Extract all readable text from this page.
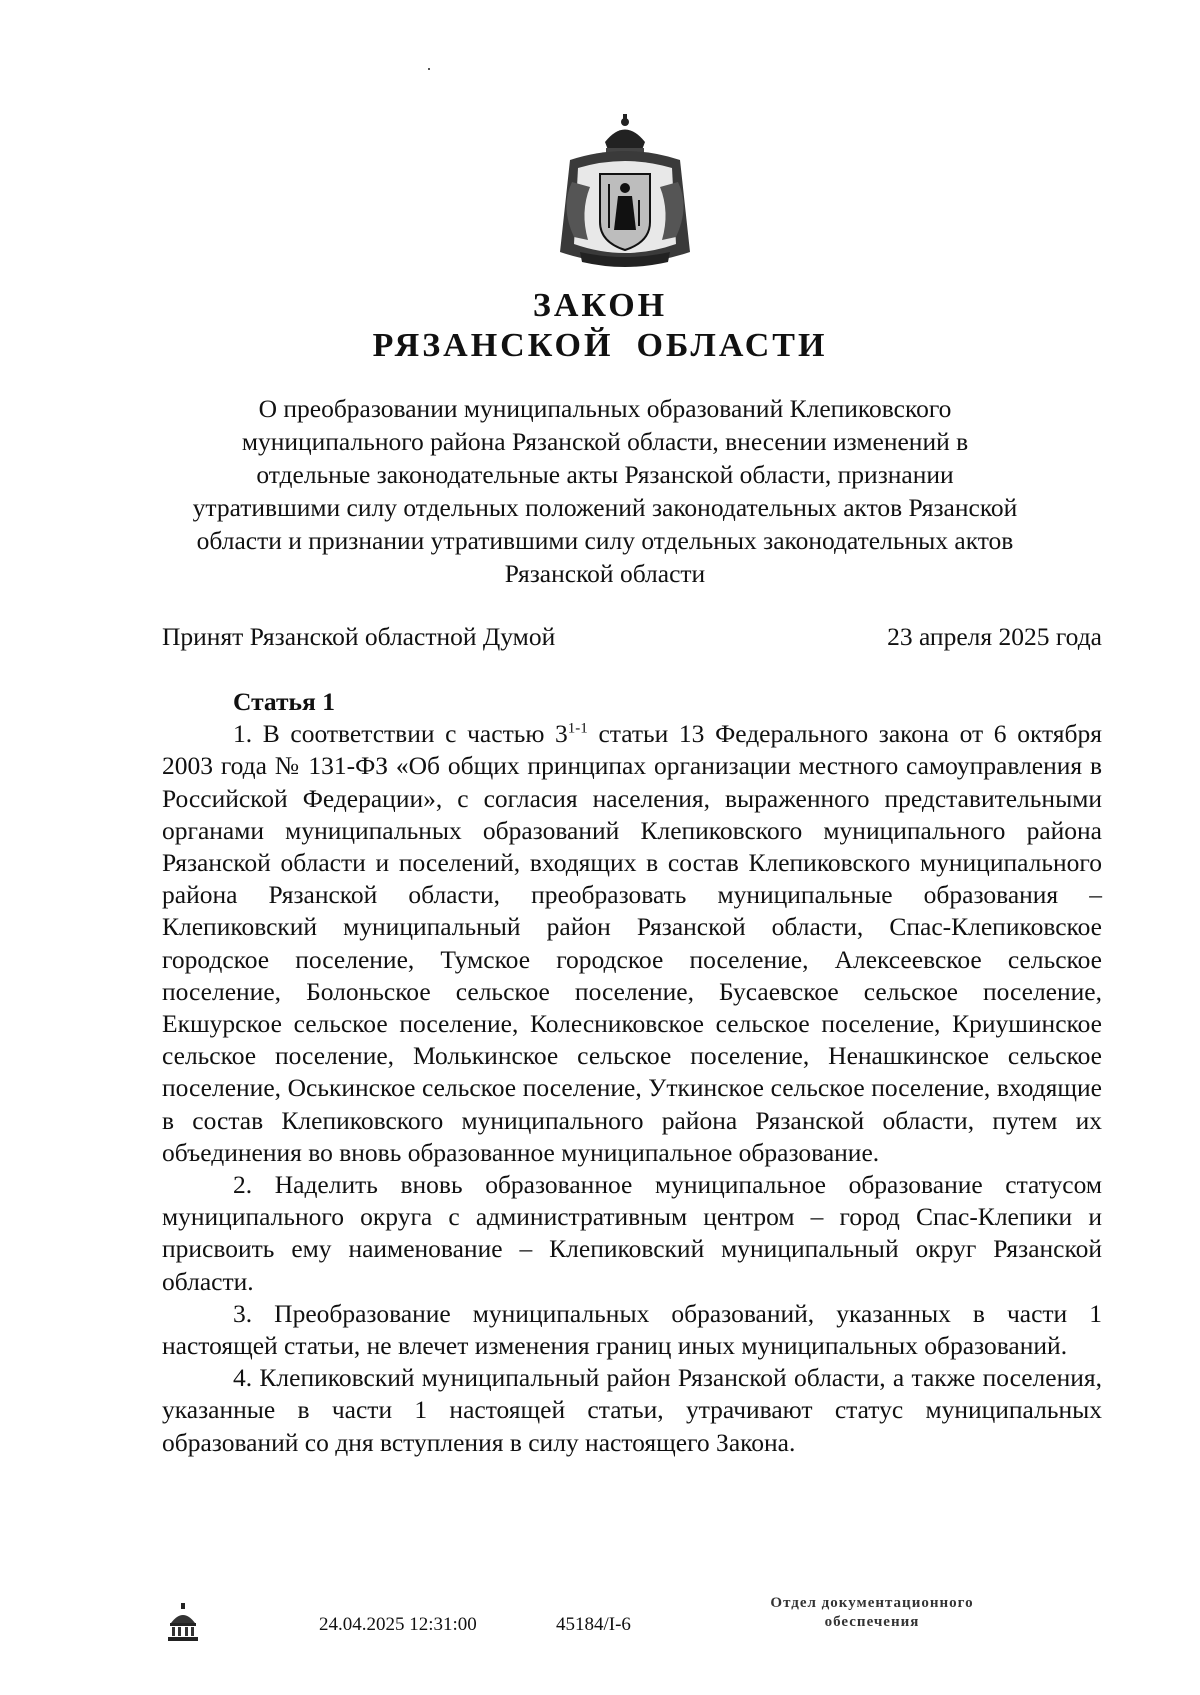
ЗАКОН
РЯЗАНСКОЙ  ОБЛАСТИ
О преобразовании муниципальных образований Клепиковского муниципального района Рязанской области, внесении изменений в отдельные законодательные акты Рязанской области, признании утратившими силу отдельных положений законодательных актов Рязанской области и признании утратившими силу отдельных законодательных актов Рязанской области
Принят Рязанской областной Думой	23 апреля 2025 года

Статья 1

1. В соответствии с частью 3$^{1-1}$ статьи 13 Федерального закона от 6 октября 2003 года № 131-ФЗ «Об общих принципах организации местного самоуправления в Российской Федерации», с согласия населения, выраженного представительными органами муниципальных образований Клепиковского муниципального района Рязанской области и поселений, входящих в состав Клепиковского муниципального района Рязанской области, преобразовать муниципальные образования – Клепиковский муниципальный район Рязанской области, Спас-Клепиковское городское поселение, Тумское городское поселение, Алексеевское сельское поселение, Болоньское сельское поселение, Бусаевское сельское поселение, Екшурское сельское поселение, Колесниковское сельское поселение, Криушинское сельское поселение, Молькинское сельское поселение, Ненашкинское сельское поселение, Оськинское сельское поселение, Уткинское сельское поселение, входящие в состав Клепиковского муниципального района Рязанской области, путем их объединения во вновь образованное муниципальное образование.

2. Наделить вновь образованное муниципальное образование статусом муниципального округа с административным центром – город Спас-Клепики и присвоить ему наименование – Клепиковский муниципальный округ Рязанской области.

3. Преобразование муниципальных образований, указанных в части 1 настоящей статьи, не влечет изменения границ иных муниципальных образований.

4. Клепиковский муниципальный район Рязанской области, а также поселения, указанные в части 1 настоящей статьи, утрачивают статус муниципальных образований со дня вступления в силу настоящего Закона.

24.04.2025 12:31:00	45184/I-6
Отдел документационного
обеспечения
